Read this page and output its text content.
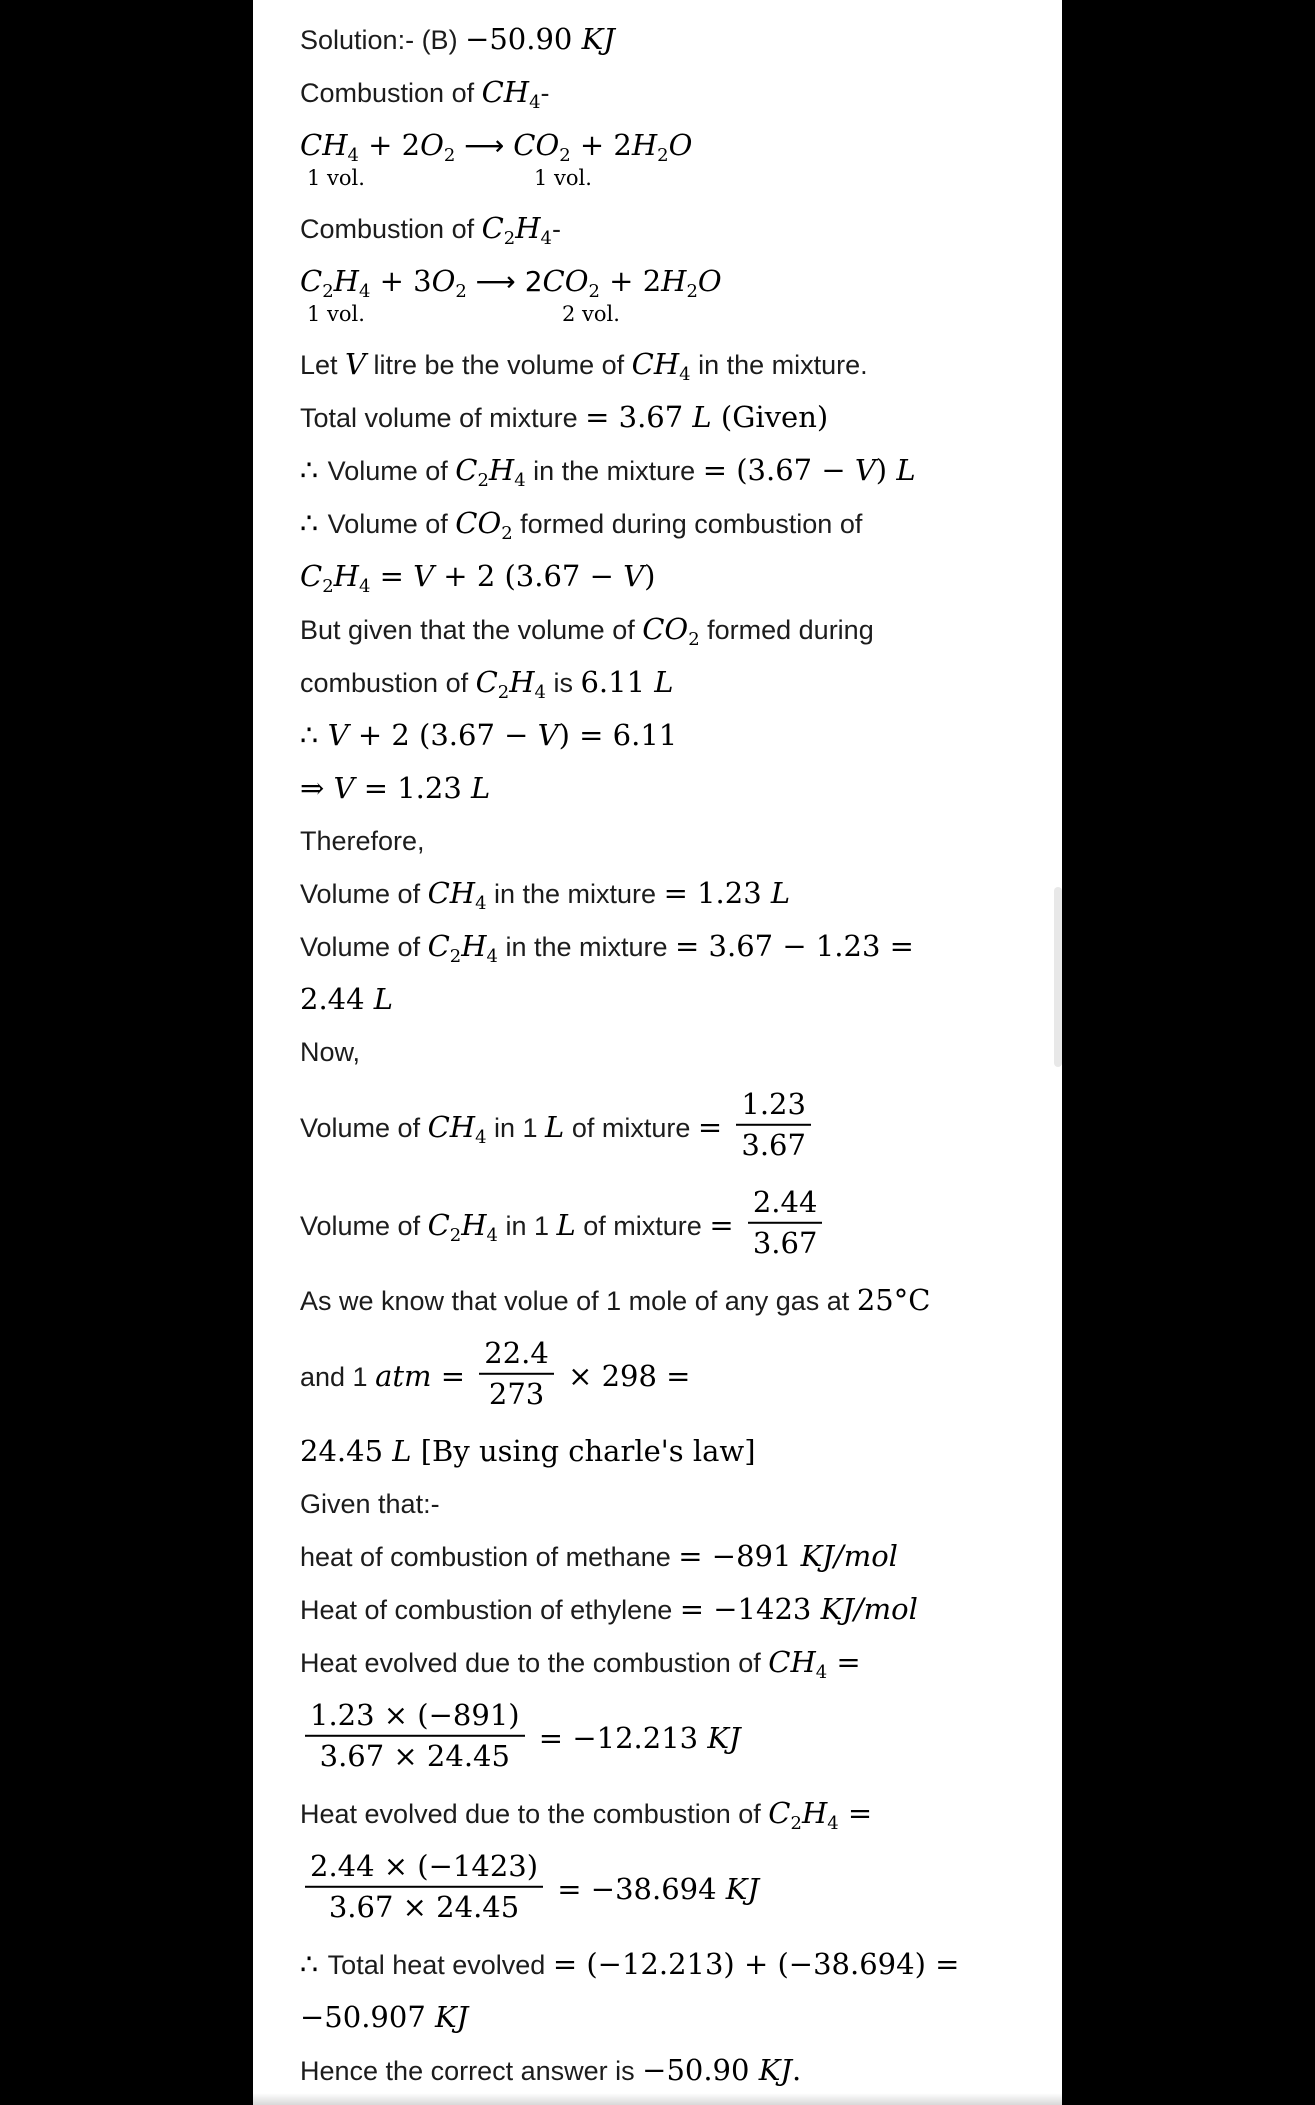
Solution:- (B) −50.90 KJ
Combustion of $CH_4-$
$CH_4 + 2O_2$ ⟶ $CO_2 + 2H_2O$
1 vol.	1 vol.
Combustion of $C_2H_4-$
$C_2H_4 + 3O_2$ ⟶ $2CO_2 + 2H_2O$
1 vol.	2 vol.
Let V litre be the volume of $CH_4$ in the mixture.
Total volume of mixture = 3.67 L (Given)
∴ Volume of $C_2H_4$ in the mixture = (3.67 − V) L
∴ Volume of $CO_2$ formed during combustion of
$C_2H_4 = V + 2$ (3.67 − V)
But given that the volume of $CO_2$ formed during
combustion of $C_2H_4$ is 6.11 L
∴ V + 2 (3.67 − V) = 6.11
⇒ V = 1.23 L
Therefore,
Volume of $CH_4$ in the mixture = 1.23 L
Volume of $C_2H_4$ in the mixture = 3.67 − 1.23 =
2.44 L
Now,
Volume of $CH_4$ in 1 L of mixture = $\frac{1.23}{3.67}$
Volume of $C_2H_4$ in 1 L of mixture = $\frac{2.44}{3.67}$
As we know that volue of 1 mole of any gas at 25°C
and 1 atm = $\frac{22.4}{273} \times 298$ =
24.45 L [By using charle's law]
Given that:-
heat of combustion of methane = −891 KJ/mol
Heat of combustion of ethylene = −1423 KJ/mol
Heat evolved due to the combustion of $CH_4$ =
$\frac{1.23 \times (-891)}{3.67 \times 24.45} = -12.213$ KJ
Heat evolved due to the combustion of $C_2H_4$ =
$\frac{2.44 \times (-1423)}{3.67 \times 24.45} = -38.694$ KJ
∴ Total heat evolved = (−12.213) + (−38.694) =
−50.907 KJ
Hence the correct answer is −50.90 KJ.
